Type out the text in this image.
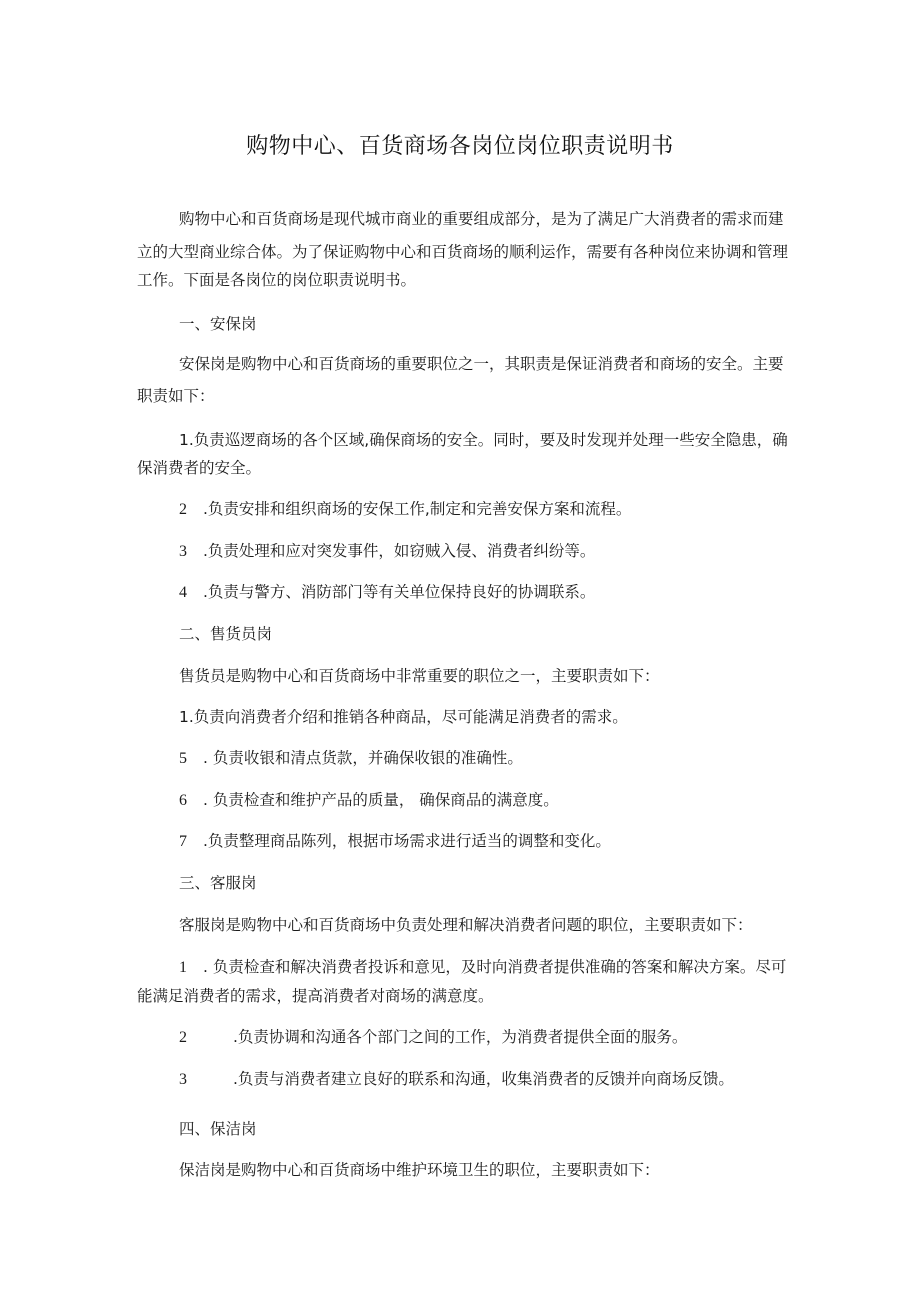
购物中心、百货商场各岗位岗位职责说明书
购物中心和百货商场是现代城市商业的重要组成部分，是为了满足广大消费者的需求而建
立的大型商业综合体。为了保证购物中心和百货商场的顺利运作，需要有各种岗位来协调和管理
工作。下面是各岗位的岗位职责说明书。
一、安保岗
安保岗是购物中心和百货商场的重要职位之一，其职责是保证消费者和商场的安全。主要
职责如下：
1.负责巡逻商场的各个区域,确保商场的安全。同时，要及时发现并处理一些安全隐患，确
保消费者的安全。
2 .负责安排和组织商场的安保工作,制定和完善安保方案和流程。
3 .负责处理和应对突发事件，如窃贼入侵、消费者纠纷等。
4 .负责与警方、消防部门等有关单位保持良好的协调联系。
二、售货员岗
售货员是购物中心和百货商场中非常重要的职位之一，主要职责如下：
1.负责向消费者介绍和推销各种商品，尽可能满足消费者的需求。
5 . 负责收银和清点货款，并确保收银的准确性。
6 . 负责检查和维护产品的质量， 确保商品的满意度。
7 .负责整理商品陈列，根据市场需求进行适当的调整和变化。
三、客服岗
客服岗是购物中心和百货商场中负责处理和解决消费者问题的职位，主要职责如下：
1 . 负责检查和解决消费者投诉和意见，及时向消费者提供准确的答案和解决方案。尽可
能满足消费者的需求，提高消费者对商场的满意度。
2	.负责协调和沟通各个部门之间的工作，为消费者提供全面的服务。
3	.负责与消费者建立良好的联系和沟通，收集消费者的反馈并向商场反馈。
四、保洁岗
保洁岗是购物中心和百货商场中维护环境卫生的职位，主要职责如下：
